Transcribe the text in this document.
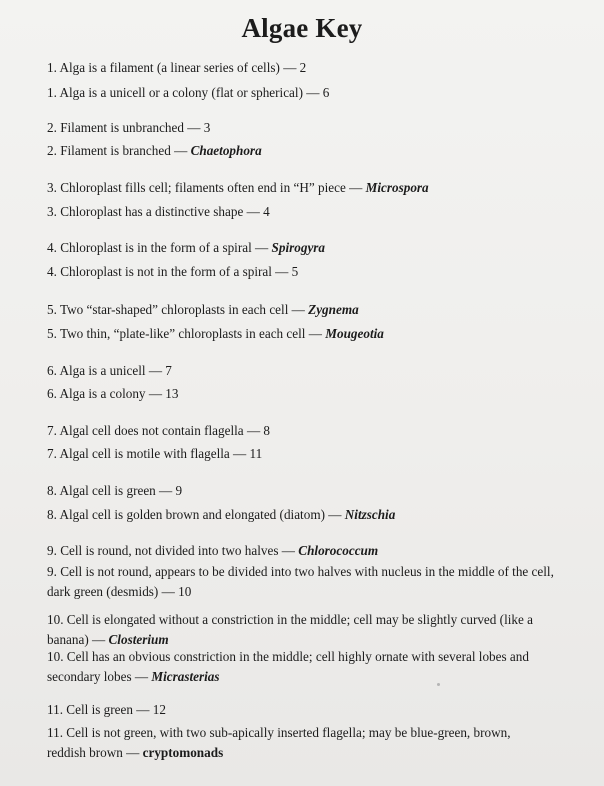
Algae Key
1. Alga is a filament (a linear series of cells) — 2
1. Alga is a unicell or a colony (flat or spherical) — 6
2. Filament is unbranched — 3
2. Filament is branched — Chaetophora
3. Chloroplast fills cell; filaments often end in “H” piece — Microspora
3. Chloroplast has a distinctive shape — 4
4. Chloroplast is in the form of a spiral — Spirogyra
4. Chloroplast is not in the form of a spiral — 5
5. Two “star-shaped” chloroplasts in each cell — Zygnema
5. Two thin, “plate-like” chloroplasts in each cell — Mougeotia
6. Alga is a unicell — 7
6. Alga is a colony — 13
7. Algal cell does not contain flagella — 8
7. Algal cell is motile with flagella — 11
8. Algal cell is green — 9
8. Algal cell is golden brown and elongated (diatom) — Nitzschia
9. Cell is round, not divided into two halves — Chlorococcum
9. Cell is not round, appears to be divided into two halves with nucleus in the middle of the cell, dark green (desmids) — 10
10. Cell is elongated without a constriction in the middle; cell may be slightly curved (like a banana) — Closterium
10. Cell has an obvious constriction in the middle; cell highly ornate with several lobes and secondary lobes — Micrasterias
11. Cell is green — 12
11. Cell is not green, with two sub-apically inserted flagella; may be blue-green, brown, reddish brown — cryptomonads
